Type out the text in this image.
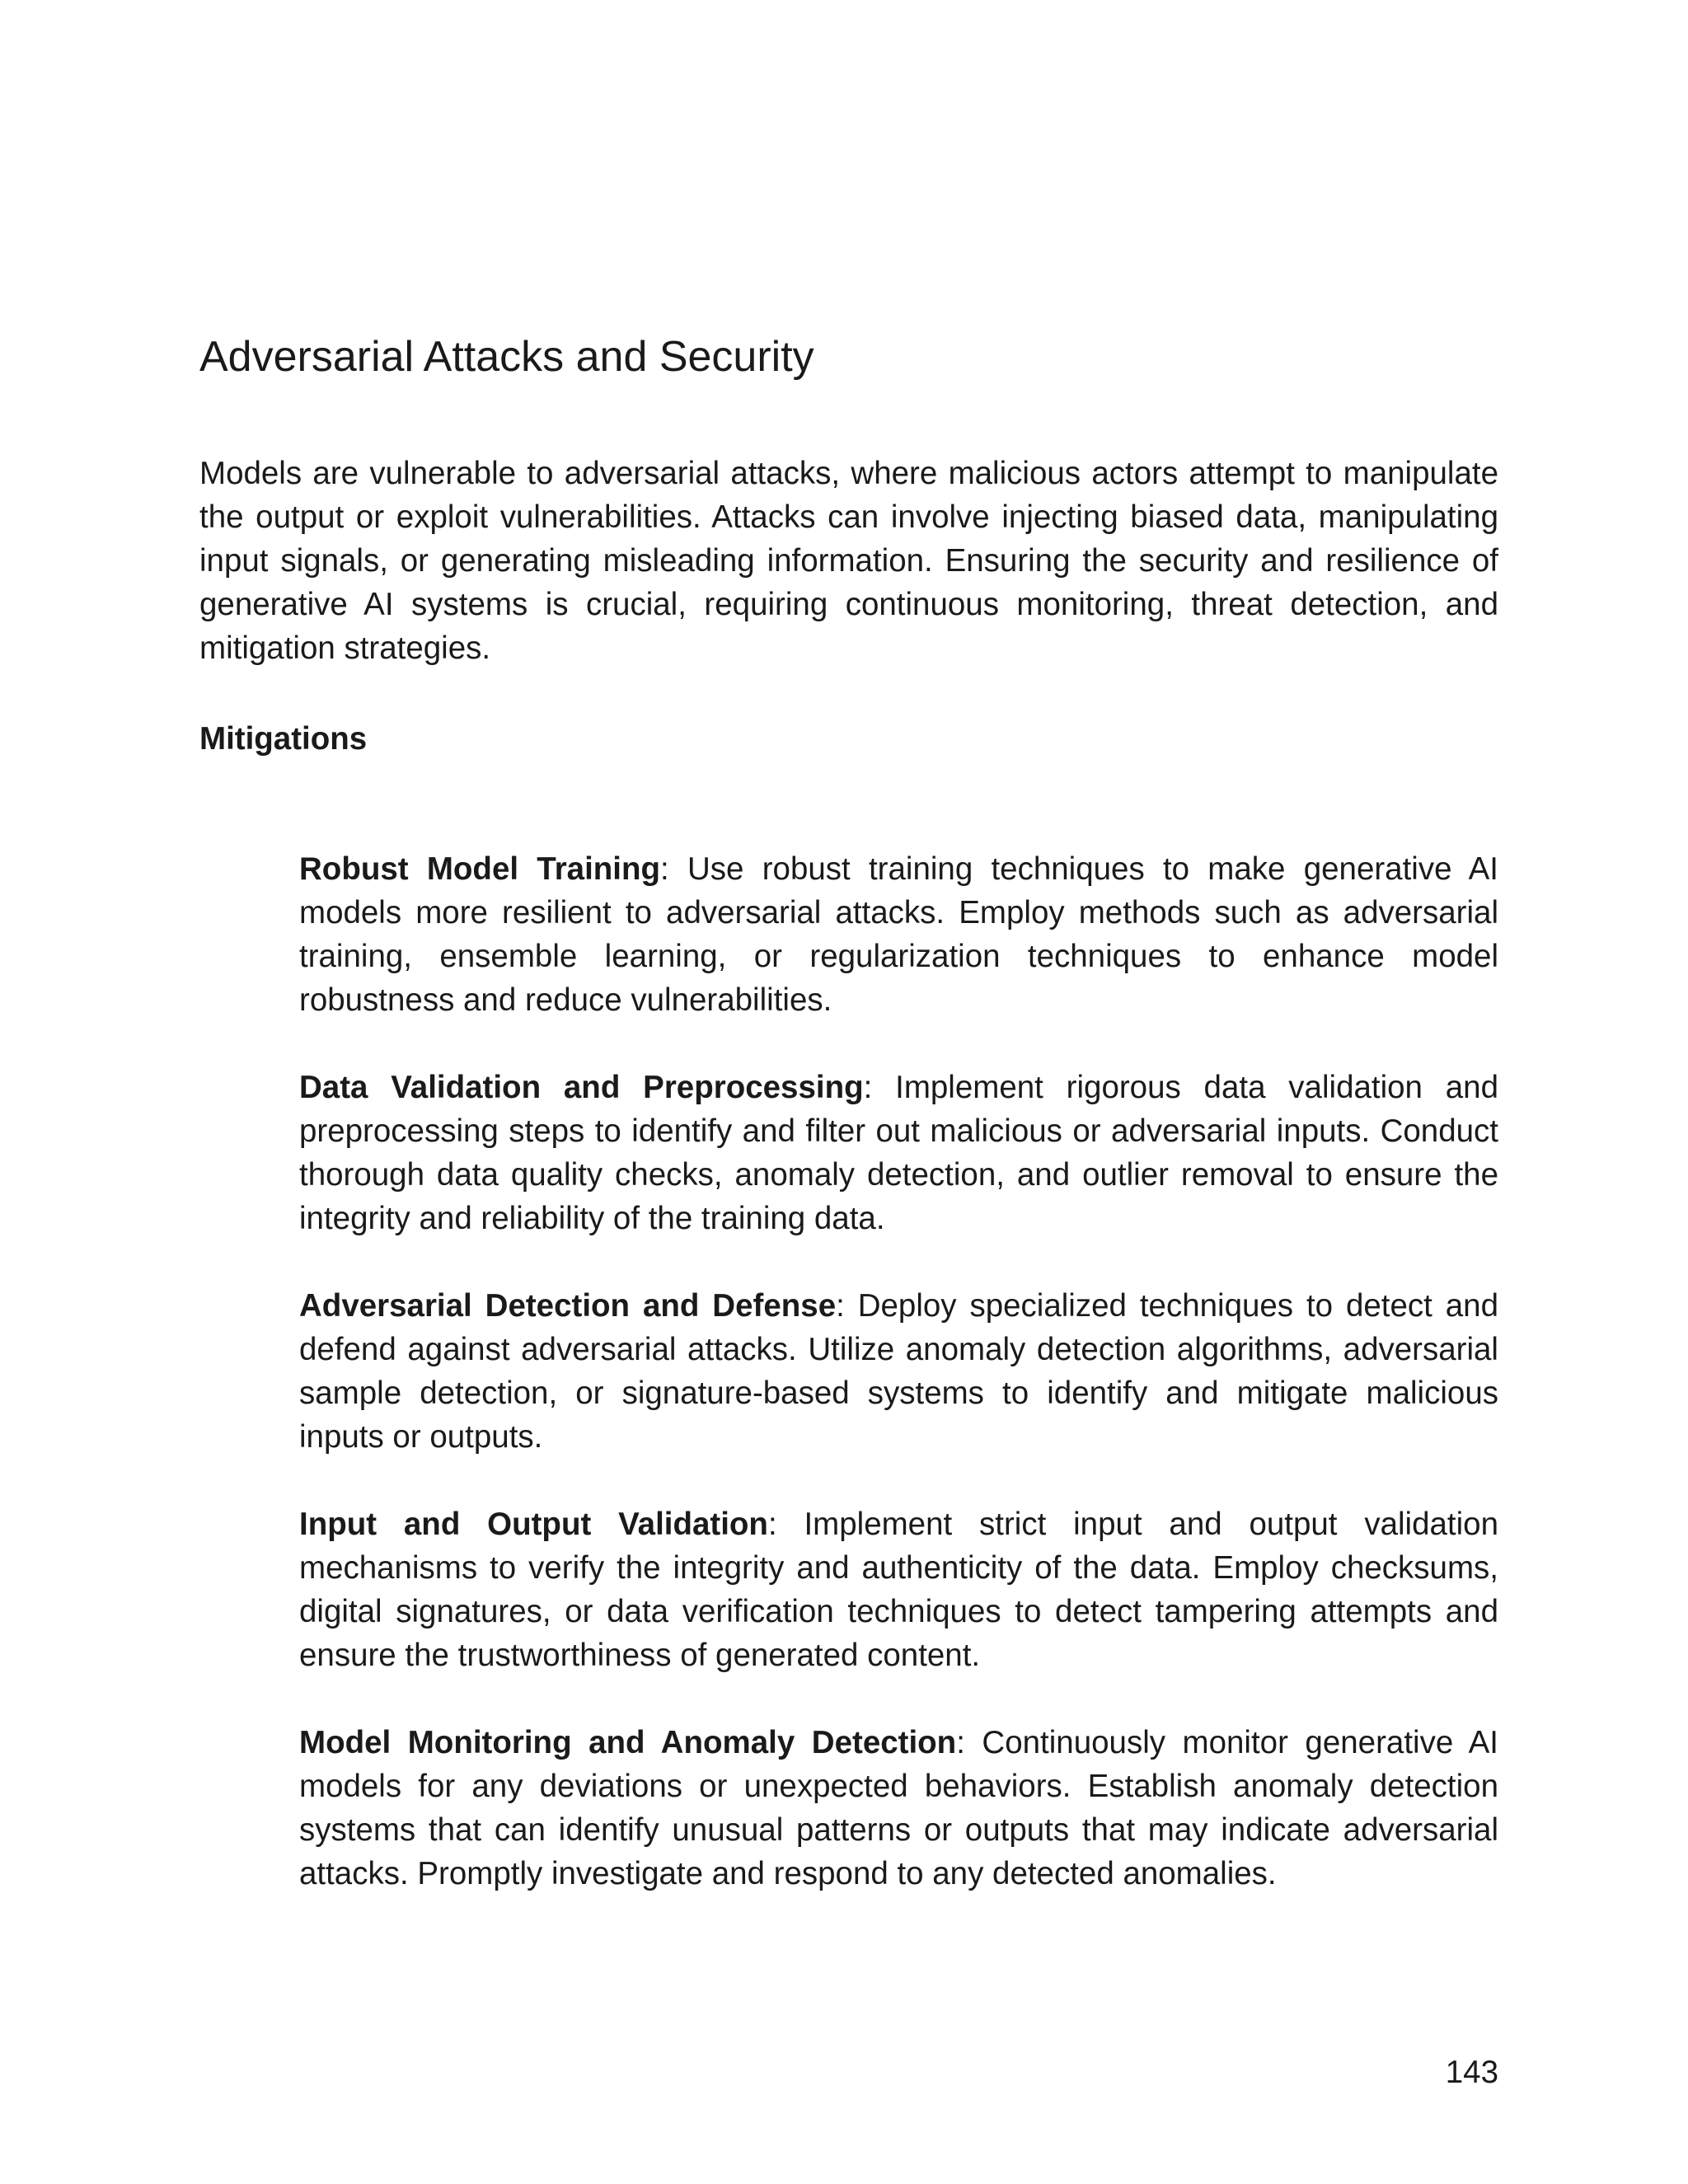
Adversarial Attacks and Security

Models are vulnerable to adversarial attacks, where malicious actors attempt to manipulate the output or exploit vulnerabilities. Attacks can involve injecting biased data, manipulating input signals, or generating misleading information. Ensuring the security and resilience of generative AI systems is crucial, requiring continuous monitoring, threat detection, and mitigation strategies.

Mitigations

Robust Model Training: Use robust training techniques to make generative AI models more resilient to adversarial attacks. Employ methods such as adversarial training, ensemble learning, or regularization techniques to enhance model robustness and reduce vulnerabilities.

Data Validation and Preprocessing: Implement rigorous data validation and preprocessing steps to identify and filter out malicious or adversarial inputs. Conduct thorough data quality checks, anomaly detection, and outlier removal to ensure the integrity and reliability of the training data.

Adversarial Detection and Defense: Deploy specialized techniques to detect and defend against adversarial attacks. Utilize anomaly detection algorithms, adversarial sample detection, or signature-based systems to identify and mitigate malicious inputs or outputs.

Input and Output Validation: Implement strict input and output validation mechanisms to verify the integrity and authenticity of the data. Employ checksums, digital signatures, or data verification techniques to detect tampering attempts and ensure the trustworthiness of generated content.

Model Monitoring and Anomaly Detection: Continuously monitor generative AI models for any deviations or unexpected behaviors. Establish anomaly detection systems that can identify unusual patterns or outputs that may indicate adversarial attacks. Promptly investigate and respond to any detected anomalies.

143
